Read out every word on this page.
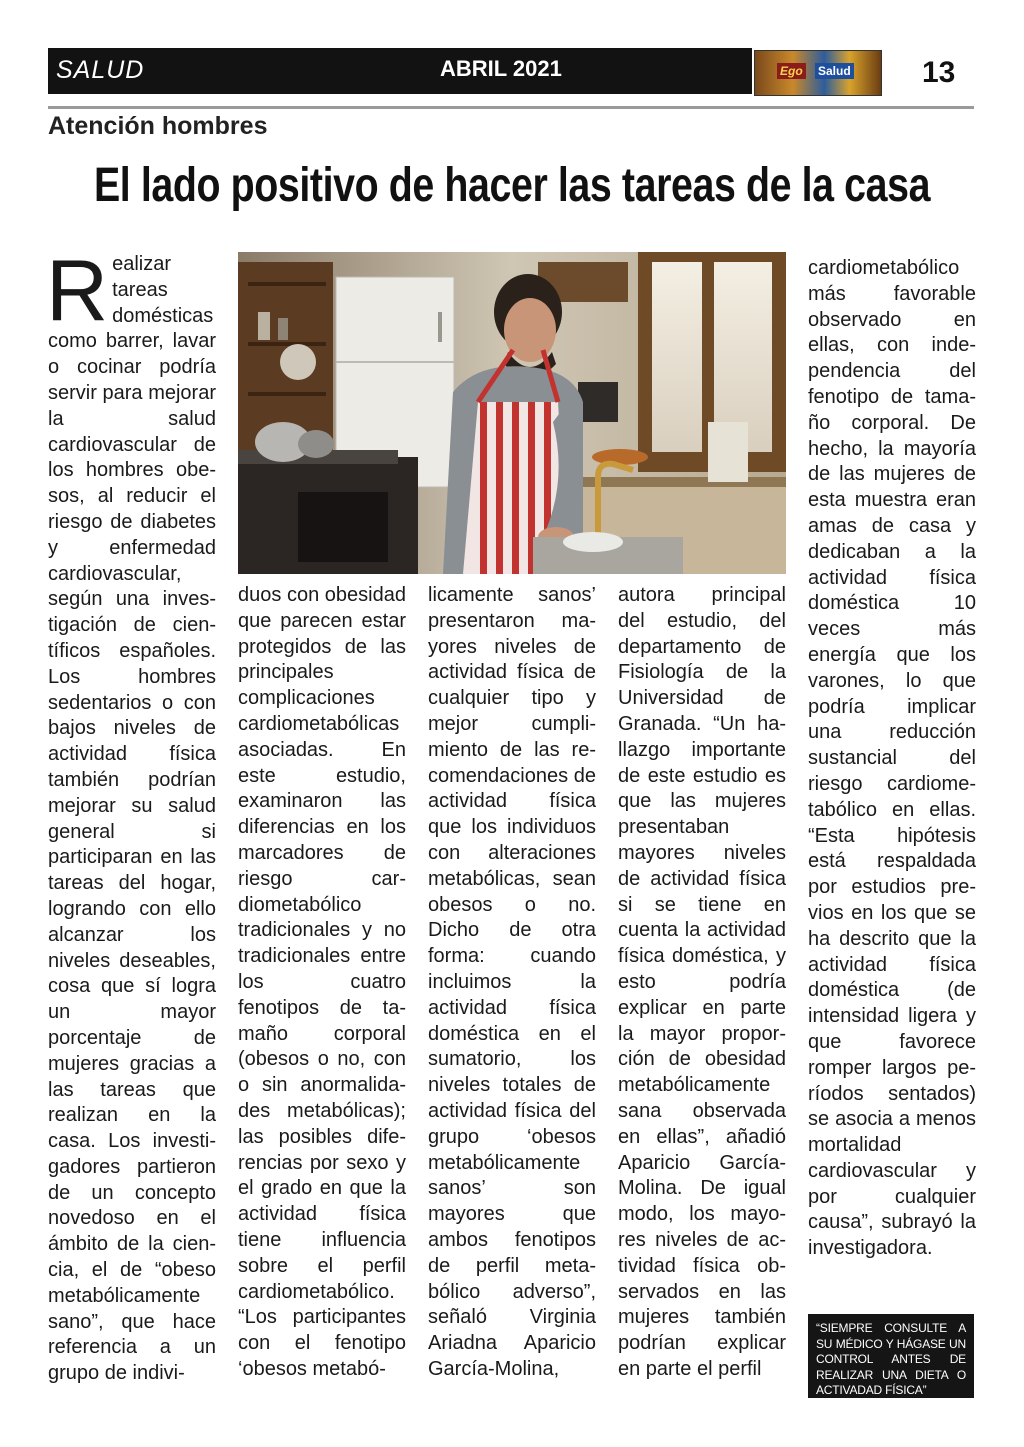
SALUD	ABRIL 2021	Ego Salud 13
Atención hombres
El lado positivo de hacer las tareas de la casa
R ealizar tareas domésticas como barrer, lavar o cocinar podría servir para mejorar la salud cardiovascular de los hombres obesos, al reducir el riesgo de diabetes y enfermedad cardiovascular, según una investigación de científicos españoles. Los hombres sedentarios o con bajos niveles de actividad física también podrían mejorar su salud general si participaran en las tareas del hogar, logrando con ello alcanzar los niveles deseables, cosa que sí logra un mayor porcentaje de mujeres gracias a las tareas que realizan en la casa. Los investigadores partieron de un concepto novedoso en el ámbito de la ciencia, el de “obeso metabólicamente sano”, que hace referencia a un grupo de indivi-
duos con obesidad que parecen estar protegidos de las principales complicaciones cardiometabólicas asociadas. En este estudio, examinaron las diferencias en los marcadores de riesgo cardiometabólico tradicionales y no tradicionales entre los cuatro fenotipos de tamaño corporal (obesos o no, con o sin anormalidades metabólicas); las posibles diferencias por sexo y el grado en que la actividad física tiene influencia sobre el perfil cardiometabólico. “Los participantes con el fenotipo ‘obesos metabó-
licamente sanos’ presentaron mayores niveles de actividad física de cualquier tipo y mejor cumplimiento de las recomendaciones de actividad física que los individuos con alteraciones metabólicas, sean obesos o no. Dicho de otra forma: cuando incluimos la actividad física doméstica en el sumatorio, los niveles totales de actividad física del grupo ‘obesos metabólicamente sanos’ son mayores que ambos fenotipos de perfil metabólico adverso”, señaló Virginia Ariadna Aparicio García-Molina,
autora principal del estudio, del departamento de Fisiología de la Universidad de Granada. “Un hallazgo importante de este estudio es que las mujeres presentaban mayores niveles de actividad física si se tiene en cuenta la actividad física doméstica, y esto podría explicar en parte la mayor proporción de obesidad metabólicamente sana observada en ellas”, añadió Aparicio García-Molina. De igual modo, los mayores niveles de actividad física observados en las mujeres también podrían explicar en parte el perfil
cardiometabólico más favorable observado en ellas, con independencia del fenotipo de tamaño corporal. De hecho, la mayoría de las mujeres de esta muestra eran amas de casa y dedicaban a la actividad física doméstica 10 veces más energía que los varones, lo que podría implicar una reducción sustancial del riesgo cardiometabólico en ellas. “Esta hipótesis está respaldada por estudios previos en los que se ha descrito que la actividad física doméstica (de intensidad ligera y que favorece romper largos períodos sentados) se asocia a menos mortalidad cardiovascular y por cualquier causa”, subrayó la investigadora.
“SIEMPRE CONSULTE A SU MÉDICO Y HÁGASE UN CONTROL ANTES DE REALIZAR UNA DIETA O ACTIVADAD FÍSICA”
